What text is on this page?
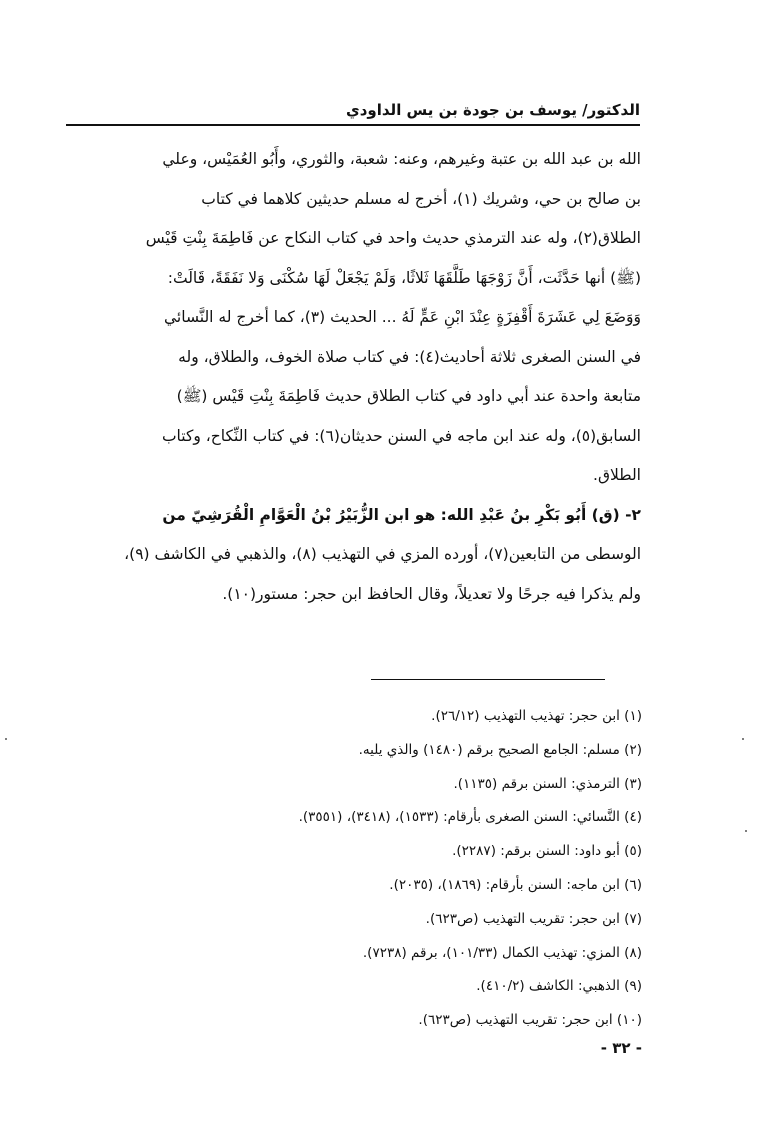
الدكتور/ يوسف بن جودة بن يس الداودي

الله بن عبد الله بن عتبة وغيرهم، وعنه: شعبة، والثوري، وأَبُو العُمَيْس، وعلي
بن صالح بن حي، وشريك (١)، أخرج له مسلم حديثين كلاهما في كتاب
الطلاق(٢)، وله عند الترمذي حديث واحد في كتاب النكاح عن فَاطِمَةَ بِنْتِ قَيْس
(ﷺ) أنها حَدَّثَت، أَنَّ زَوْجَهَا طَلَّقَهَا ثَلاثًا، وَلَمْ يَجْعَلْ لَهَا سُكْنَى وَلا نَفَقَةً، قَالَتْ:
وَوَضَعَ لِي عَشَرَةَ أَقْفِزَةٍ عِنْدَ ابْنِ عَمٍّ لَهُ ... الحديث (٣)، كما أخرج له النَّسائي
في السنن الصغرى ثلاثة أحاديث(٤): في كتاب صلاة الخوف، والطلاق، وله
متابعة واحدة عند أبي داود في كتاب الطلاق حديث فَاطِمَةَ بِنْتِ قَيْس (ﷺ)
السابق(٥)، وله عند ابن ماجه في السنن حديثان(٦): في كتاب النِّكاح، وكتاب
الطلاق.

٢- (ق) أَبُو بَكْرِ بنُ عَبْدِ الله: هو ابن الزُّبَيْرُ بْنُ الْعَوَّامِ الْقُرَشِيّ من
الوسطى من التابعين(٧)، أورده المزي في التهذيب (٨)، والذهبي في الكاشف (٩)،
ولم يذكرا فيه جرحًا ولا تعديلاً، وقال الحافظ ابن حجر: مستور(١٠).

(١) ابن حجر: تهذيب التهذيب (٢٦/١٢).
(٢) مسلم: الجامع الصحيح برقم (١٤٨٠) والذي يليه.
(٣) الترمذي: السنن برقم (١١٣٥).
(٤) النَّسائي: السنن الصغرى بأرقام: (١٥٣٣)، (٣٤١٨)، (٣٥٥١).
(٥) أبو داود: السنن برقم: (٢٢٨٧).
(٦) ابن ماجه: السنن بأرقام: (١٨٦٩)، (٢٠٣٥).
(٧) ابن حجر: تقريب التهذيب (ص٦٢٣).
(٨) المزي: تهذيب الكمال (١٠١/٣٣)، برقم (٧٢٣٨).
(٩) الذهبي: الكاشف (٤١٠/٢).
(١٠) ابن حجر: تقريب التهذيب (ص٦٢٣).
- ٣٢ -
